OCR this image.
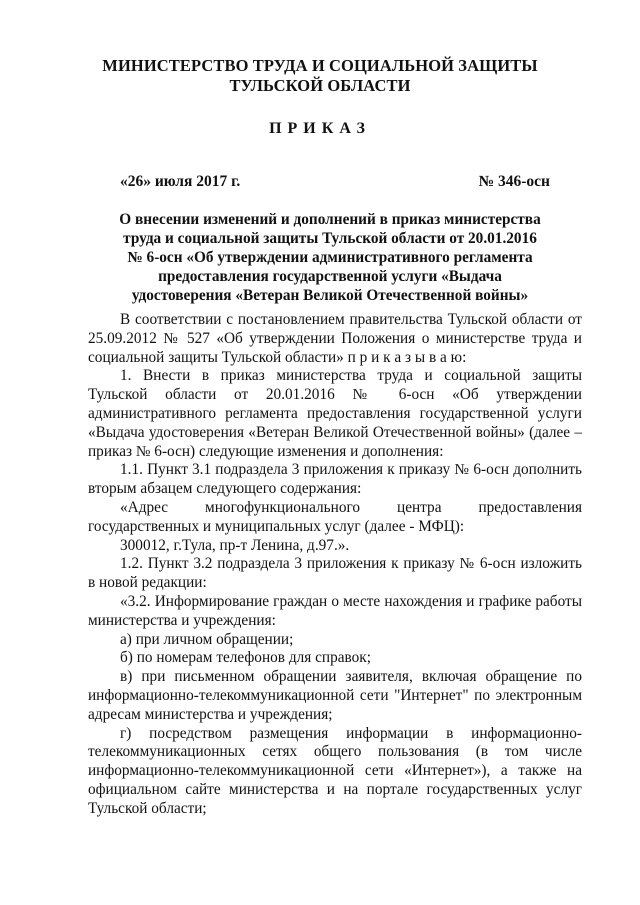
МИНИСТЕРСТВО ТРУДА И СОЦИАЛЬНОЙ ЗАЩИТЫ
ТУЛЬСКОЙ ОБЛАСТИ
ПРИКАЗ
«26» июля 2017 г.	№ 346-осн
О внесении изменений и дополнений в приказ министерства
труда и социальной защиты Тульской области от 20.01.2016
№ 6-осн «Об утверждении административного регламента
предоставления государственной услуги «Выдача
удостоверения «Ветеран Великой Отечественной войны»

В соответствии с постановлением правительства Тульской области от 25.09.2012 № 527 «Об утверждении Положения о министерстве труда и социальной защиты Тульской области» п р и к а з ы в а ю:

1. Внести в приказ министерства труда и социальной защиты Тульской области от 20.01.2016 № 6-осн «Об утверждении административного регламента предоставления государственной услуги «Выдача удостоверения «Ветеран Великой Отечественной войны» (далее – приказ № 6-осн) следующие изменения и дополнения:

1.1. Пункт 3.1 подраздела 3 приложения к приказу № 6-осн дополнить вторым абзацем следующего содержания:

«Адрес многофункционального центра предоставления государственных и муниципальных услуг (далее - МФЦ):

300012, г.Тула, пр-т Ленина, д.97.».

1.2. Пункт 3.2 подраздела 3 приложения к приказу № 6-осн изложить в новой редакции:

«3.2. Информирование граждан о месте нахождения и графике работы министерства и учреждения:

а) при личном обращении;

б) по номерам телефонов для справок;

в) при письменном обращении заявителя, включая обращение по информационно-телекоммуникационной сети "Интернет" по электронным адресам министерства и учреждения;

г) посредством размещения информации в информационно-телекоммуникационных сетях общего пользования (в том числе информационно-телекоммуникационной сети «Интернет»), а также на официальном сайте министерства и на портале государственных услуг Тульской области;
